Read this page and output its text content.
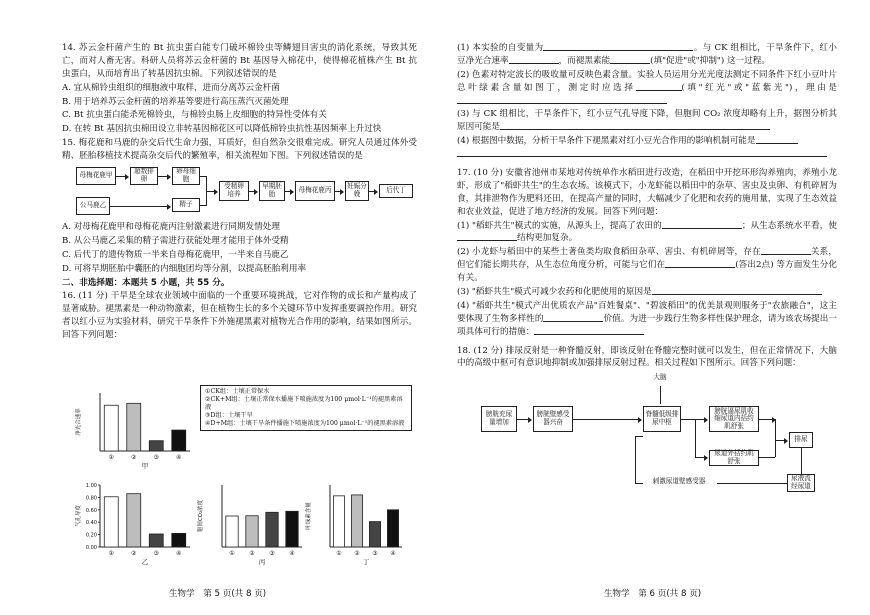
14. 苏云金杆菌产生的 Bt 抗虫蛋白能专门破坏棉铃虫等鳞翅目害虫的消化系统，导致其死亡，而对人畜无害。科研人员将苏云金杆菌的 Bt 基因导入棉花中，使得棉花植株产生 Bt 抗虫蛋白，从而培育出了转基因抗虫棉。下列叙述错误的是
A. 宜从棉铃虫组织的细胞液中取样，进而分离苏云金杆菌
B. 用于培养苏云金杆菌的培养基等要进行高压蒸汽灭菌处理
C. Bt 抗虫蛋白能杀死棉铃虫，与棉铃虫肠上皮细胞的特异性受体有关
D. 在转 Bt 基因抗虫棉田设立非转基因棉花区可以降低棉铃虫抗性基因频率上升过快
15. 梅花鹿和马鹿的杂交后代生命力强，耳质好，但自然杂交很难完成。研究人员通过体外受精、胚胎移植技术提高杂交后代的繁殖率，相关流程如下图。下列叙述错误的是
母梅花鹿甲	超数排卵
卵母细胞
公马鹿乙	精子
受精卵培养
早期胚胎	母梅花鹿丙	妊娠分娩	后代丁
A. 对母梅花鹿甲和母梅花鹿丙注射激素进行同期发情处理
B. 从公马鹿乙采集的精子需进行获能处理才能用于体外受精
C. 后代丁的遗传物质一半来自母梅花鹿甲，一半来自马鹿乙
D. 可将早期胚胎中囊胚的内细胞团均等分割，以提高胚胎利用率
二、非选择题：本题共 5 小题，共 55 分。
16. (11 分) 干旱是全球农业领域中面临的一个重要环境挑战，它对作物的成长和产量构成了显著威胁。褪黑素是一种动物激素，但在植物生长的多个关键环节中发挥重要调控作用。研究者以红小豆为实验材料，研究干旱条件下外施褪黑素对植物光合作用的影响，结果如图所示。回答下列问题：
①	②	③	④
甲
净光合速率
0.00
0.20
0.40
0.60
0.80
1.00
①	②	③	④
乙
气孔导度
① ② ③ ④
丙
胞间CO₂浓度
① ② ③ ④
丁
叶绿素含量
①CK组：土壤正常保水
②CK+M组：土壤正常保水播施下喷施浓度为100 μmol·L⁻¹的褪黑素溶液
③D组：土壤干旱
④D+M组：土壤干旱条件播施下喷施浓度为100 μmol·L⁻¹的褪黑素溶液
生物学　第 5 页(共 8 页)
(1) 本实验的自变量为	。与 CK 组相比，干旱条件下，红小豆净光合速率	，而褪黑素能	(填"促进"或"抑制") 这一过程。
(2) 色素对特定波长的吸收量可反映色素含量。实验人员运用分光光度法测定不同条件下红小豆叶片总叶绿素含量如图丁，测定时应选择	(填"红光"或"蓝紫光")，理由是
(3) 与 CK 组相比，干旱条件下，红小豆气孔导度下降，但胞间 CO₂ 浓度却略有上升，据图分析其原因可能是
(4) 根据图中数据，分析干旱条件下褪黑素对红小豆光合作用的影响机制可能是

17. (10 分) 安徽省池州市某地对传统单作水稻田进行改造，在稻田中开挖环形沟养殖肉，养殖小龙虾，形成了"稻虾共生"的生态农场。该模式下，小龙虾能以稻田中的杂草、害虫及虫卵、有机碎屑为食，其排泄物作为肥料还田，在提高产量的同时，大幅减少了化肥和农药的施用量，实现了生态效益和农业效益，促进了地方经济的发展。回答下列问题：
(1) "稻虾共生"模式的实施，从源头上，提高了农田的	；从生态系统水平看，使结构更加复杂。
(2) 小龙虾与稻田中的某些土著鱼类均取食稻田杂草、害虫、有机碎屑等，存在	关系，但它们能长期共存，从生态位角度分析，可能与它们在	(答出2点) 等方面发生分化有关。
(3) "稻虾共生"模式可减少农药和化肥使用的原因是
(4) "稻虾共生"模式产出优质农产品"百姓餐桌"、"碧波稻田"的优美景观则服务于"农旅融合"，这主要体现了生物多样性的	价值。为进一步践行生物多样性保护理念，请为该农场提出一项具体可行的措施：
18. (12 分) 排尿反射是一种脊髓反射，即该反射在脊髓完整时就可以发生，但在正常情况下，大脑中的高级中枢可有意识地抑制或加强排尿反射过程。相关过程如下图所示。回答下列问题：
大脑
膀胱充尿量增加
膀胱壁感受器兴奋
脊髓低级排尿中枢
膀胱逼尿肌收缩尿道内括约肌舒张
排尿
尿道外括约肌舒张
尿液流经尿道
刺激尿道壁感受器
生物学　第 6 页(共 8 页)
